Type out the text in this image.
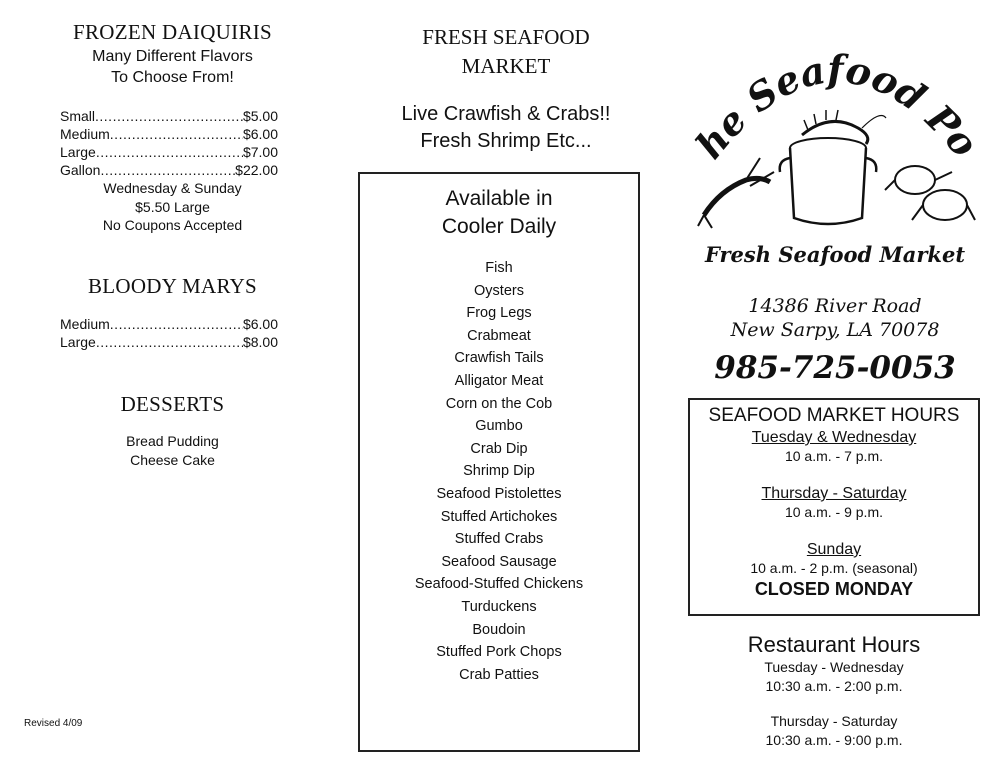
FROZEN DAIQUIRIS
Many Different Flavors
To Choose From!
Small .....	$5.00
Medium .....	$6.00
Large .....	$7.00
Gallon .....	$22.00
Wednesday & Sunday
$5.50 Large
No Coupons Accepted
BLOODY MARYS
Medium .....	$6.00
Large .....	$8.00
DESSERTS
Bread Pudding
Cheese Cake
Revised 4/09
FRESH SEAFOOD
MARKET
Live Crawfish & Crabs!!
Fresh Shrimp Etc...
Available in
Cooler Daily
Fish
Oysters
Frog Legs
Crabmeat
Crawfish Tails
Alligator Meat
Corn on the Cob
Gumbo
Crab Dip
Shrimp Dip
Seafood Pistolettes
Stuffed Artichokes
Stuffed Crabs
Seafood Sausage
Seafood-Stuffed Chickens
Turduckens
Boudoin
Stuffed Pork Chops
Crab Patties
he Seafood P
Fresh Seafood Market
14386 River Road
New Sarpy, LA 70078
985-725-0053
SEAFOOD MARKET HOURS
Tuesday & Wednesday
10 a.m. - 7 p.m.
Thursday - Saturday
10 a.m. - 9 p.m.
Sunday
10 a.m. - 2 p.m. (seasonal)
CLOSED MONDAY
Restaurant Hours
Tuesday - Wednesday
10:30 a.m. - 2:00 p.m.
Thursday - Saturday
10:30 a.m. - 9:00 p.m.
